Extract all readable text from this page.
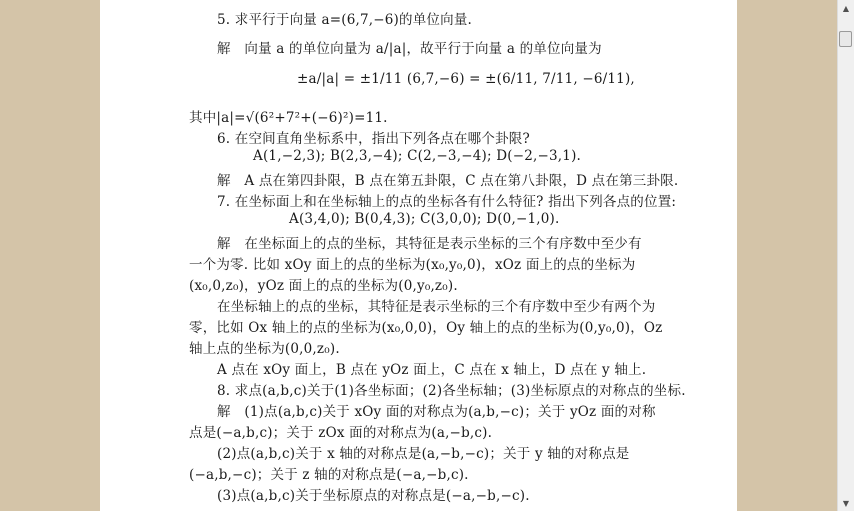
5. 求平行于向量 a=(6,7,−6)的单位向量.
解　向量 a 的单位向量为 a/|a|，故平行于向量 a 的单位向量为
±a/|a| = ±1/11 (6,7,−6) = ±(6/11, 7/11, −6/11),
其中|a|=√(6²+7²+(−6)²)=11.
6. 在空间直角坐标系中，指出下列各点在哪个卦限?
A(1,−2,3); B(2,3,−4); C(2,−3,−4); D(−2,−3,1).
解　A 点在第四卦限，B 点在第五卦限，C 点在第八卦限，D 点在第三卦限.
7. 在坐标面上和在坐标轴上的点的坐标各有什么特征? 指出下列各点的位置:
A(3,4,0); B(0,4,3); C(3,0,0); D(0,−1,0).
解　在坐标面上的点的坐标，其特征是表示坐标的三个有序数中至少有
一个为零. 比如 xOy 面上的点的坐标为(x₀,y₀,0)，xOz 面上的点的坐标为
(x₀,0,z₀)，yOz 面上的点的坐标为(0,y₀,z₀).
在坐标轴上的点的坐标，其特征是表示坐标的三个有序数中至少有两个为
零，比如 Ox 轴上的点的坐标为(x₀,0,0)，Oy 轴上的点的坐标为(0,y₀,0)，Oz
轴上点的坐标为(0,0,z₀).
A 点在 xOy 面上，B 点在 yOz 面上，C 点在 x 轴上，D 点在 y 轴上.
8. 求点(a,b,c)关于(1)各坐标面；(2)各坐标轴；(3)坐标原点的对称点的坐标.
解　(1)点(a,b,c)关于 xOy 面的对称点为(a,b,−c)；关于 yOz 面的对称
点是(−a,b,c)；关于 zOx 面的对称点为(a,−b,c).
(2)点(a,b,c)关于 x 轴的对称点是(a,−b,−c)；关于 y 轴的对称点是
(−a,b,−c)；关于 z 轴的对称点是(−a,−b,c).
(3)点(a,b,c)关于坐标原点的对称点是(−a,−b,−c).
▲
▼
